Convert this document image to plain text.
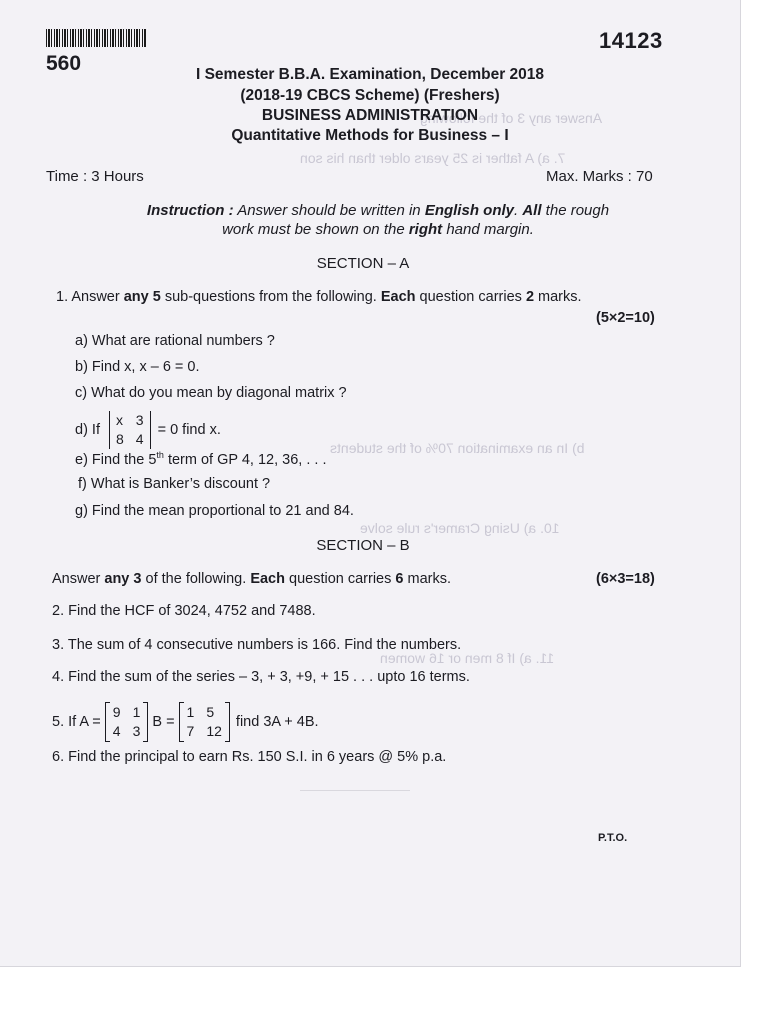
Answer any 3 of the following
7. a) A father is 25 years older than his son
b) In an examination 70% of the students
10. a) Using Cramer's rule solve
11. a) If 8 men or 16 women
560
14123
I Semester B.B.A. Examination, December 2018
(2018-19 CBCS Scheme) (Freshers)
BUSINESS ADMINISTRATION
Quantitative Methods for Business – I
Time : 3 Hours	Max. Marks : 70
Instruction : Answer should be written in English only. All the rough
work must be shown on the right hand margin.
SECTION – A
1. Answer any 5 sub-questions from the following. Each question carries 2 marks.
(5×2=10)
a) What are rational numbers ?
b) Find x, x – 6 = 0.
c) What do you mean by diagonal matrix ?
d) If
x 3
8 4
= 0 find x.
e) Find the 5th term of GP 4, 12, 36, . . .
f) What is Banker’s discount ?
g) Find the mean proportional to 21 and 84.
SECTION – B
Answer any 3 of the following. Each question carries 6 marks.	(6×3=18)
2. Find the HCF of 3024, 4752 and 7488.
3. The sum of 4 consecutive numbers is 166. Find the numbers.
4. Find the sum of the series – 3, + 3, +9, + 15 . . . upto 16 terms.
5. If A =
9 1
4 3
B =
1 5
7 12
find 3A + 4B.
6. Find the principal to earn Rs. 150 S.I. in 6 years @ 5% p.a.
P.T.O.
